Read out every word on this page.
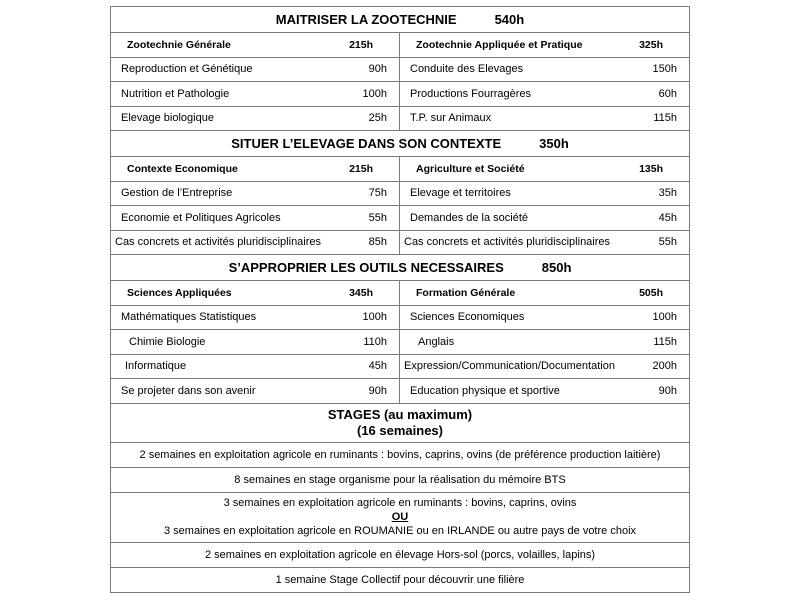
MAITRISER LA ZOOTECHNIE	540h
Zootechnie Générale	215h
Reproduction et Génétique	90h
Nutrition et Pathologie	100h
Elevage biologique	25h
Zootechnie Appliquée et Pratique	325h
Conduite des Elevages	150h
Productions Fourragères	60h
T.P. sur Animaux	115h
SITUER L’ELEVAGE DANS SON CONTEXTE	350h
Contexte Economique	215h
Gestion de l’Entreprise	75h
Economie et Politiques Agricoles	55h
Cas concrets et activités pluridisciplinaires	85h
Agriculture et Société	135h
Elevage et territoires	35h
Demandes de la société	45h
Cas concrets et activités pluridisciplinaires	55h
S’APPROPRIER LES OUTILS NECESSAIRES	850h
Sciences Appliquées	345h
Mathématiques Statistiques	100h
Chimie Biologie	110h
Informatique	45h
Se projeter dans son avenir	90h
Formation Générale	505h
Sciences Economiques	100h
Anglais	115h
Expression/Communication/Documentation	200h
Education physique et sportive	90h
STAGES (au maximum)
(16 semaines)
2 semaines en exploitation agricole en ruminants : bovins, caprins, ovins (de préférence production laitière)
8 semaines en stage organisme pour la réalisation du mémoire BTS
3 semaines en exploitation agricole en ruminants : bovins, caprins, ovins
OU
3 semaines en exploitation agricole en ROUMANIE ou en IRLANDE ou autre pays de votre choix
2 semaines en exploitation agricole en élevage Hors-sol (porcs, volailles, lapins)
1 semaine Stage Collectif pour découvrir une filière
